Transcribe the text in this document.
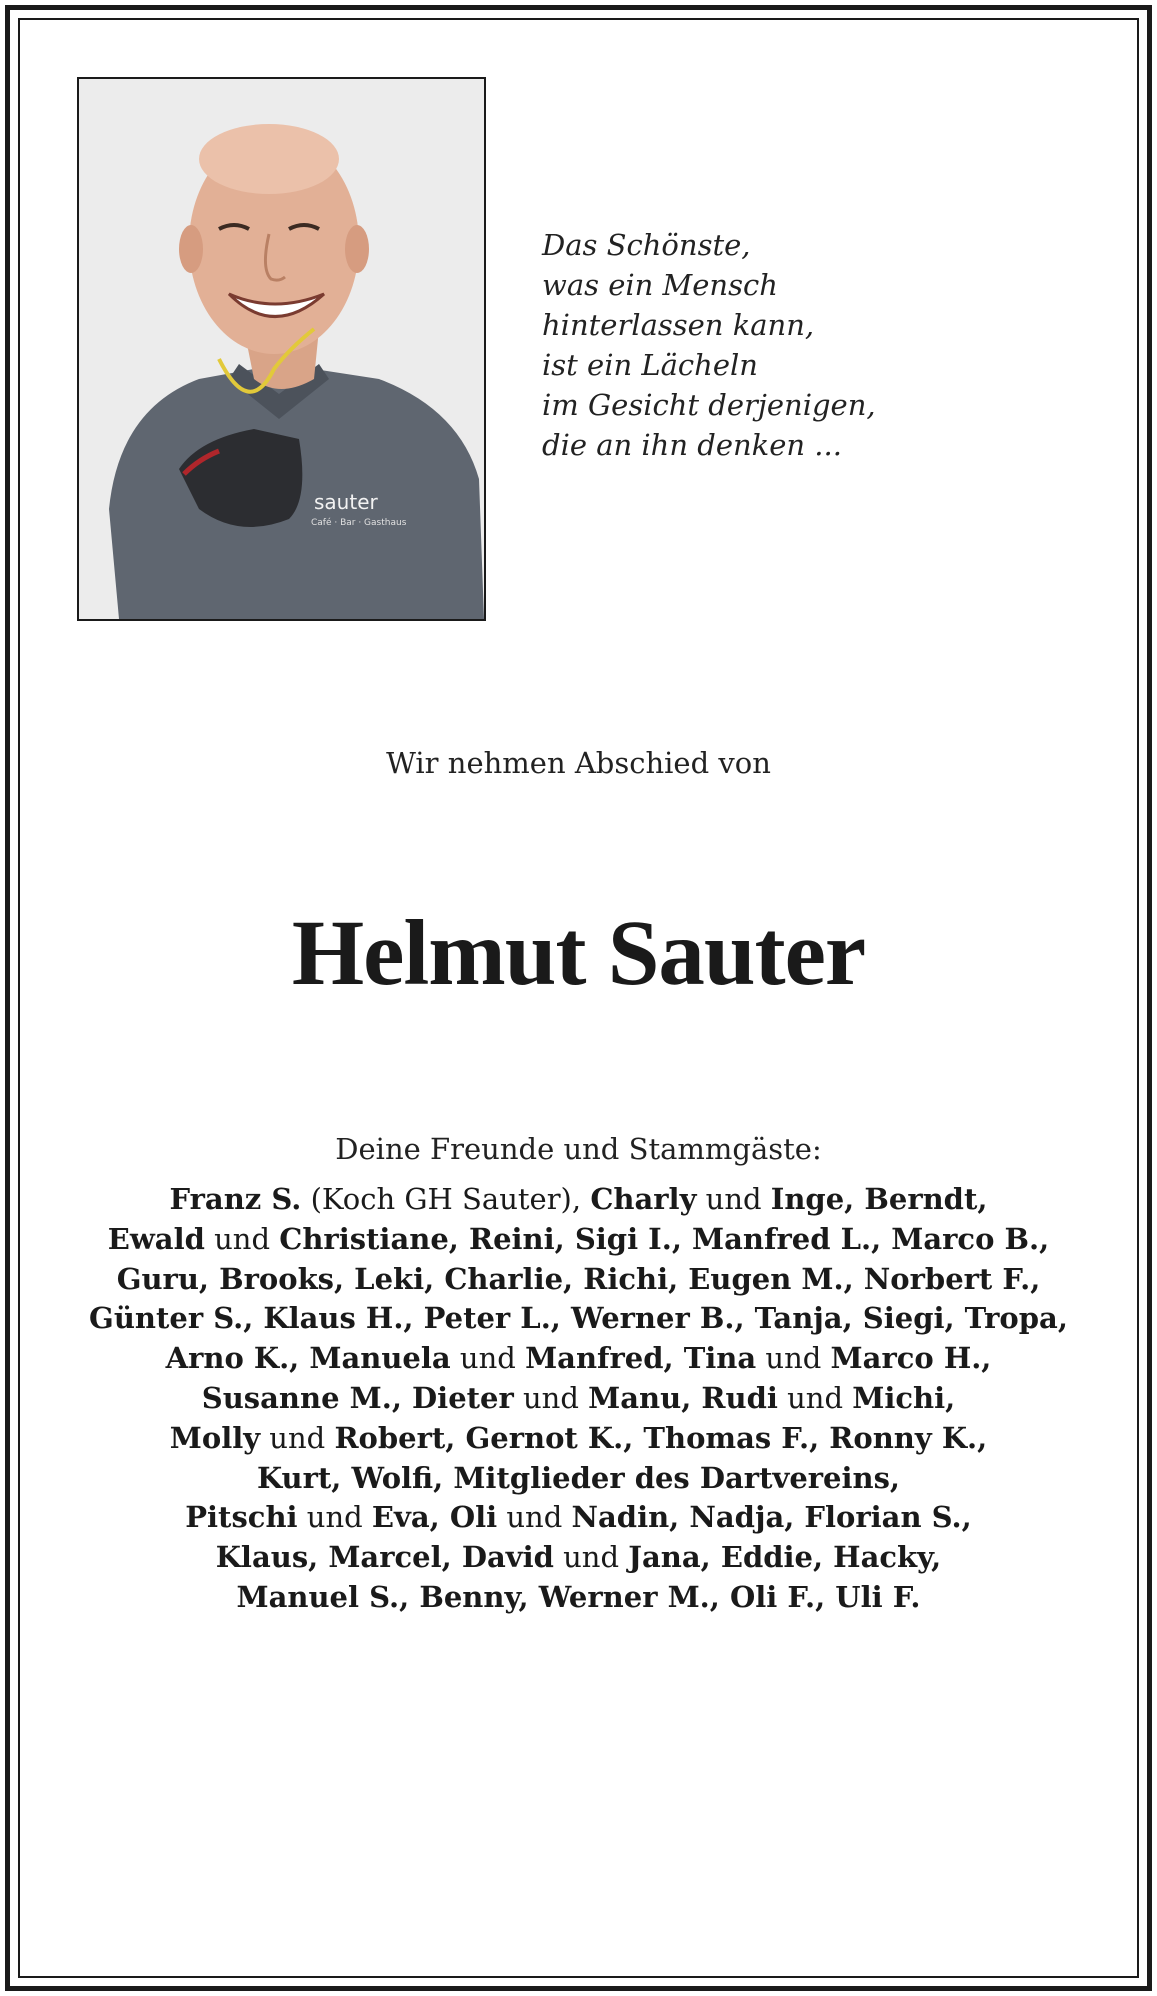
sauter
Café · Bar · Gasthaus
Das Schönste,
was ein Mensch
hinterlassen kann,
ist ein Lächeln
im Gesicht derjenigen,
die an ihn denken ...
Wir nehmen Abschied von
Helmut Sauter
Deine Freunde und Stammgäste:
Franz S. (Koch GH Sauter), Charly und Inge, Berndt,
Ewald und Christiane, Reini, Sigi I., Manfred L., Marco B.,
Guru, Brooks, Leki, Charlie, Richi, Eugen M., Norbert F.,
Günter S., Klaus H., Peter L., Werner B., Tanja, Siegi, Tropa,
Arno K., Manuela und Manfred, Tina und Marco H.,
Susanne M., Dieter und Manu, Rudi und Michi,
Molly und Robert, Gernot K., Thomas F., Ronny K.,
Kurt, Wolfi, Mitglieder des Dartvereins,
Pitschi und Eva, Oli und Nadin, Nadja, Florian S.,
Klaus, Marcel, David und Jana, Eddie, Hacky,
Manuel S., Benny, Werner M., Oli F., Uli F.
